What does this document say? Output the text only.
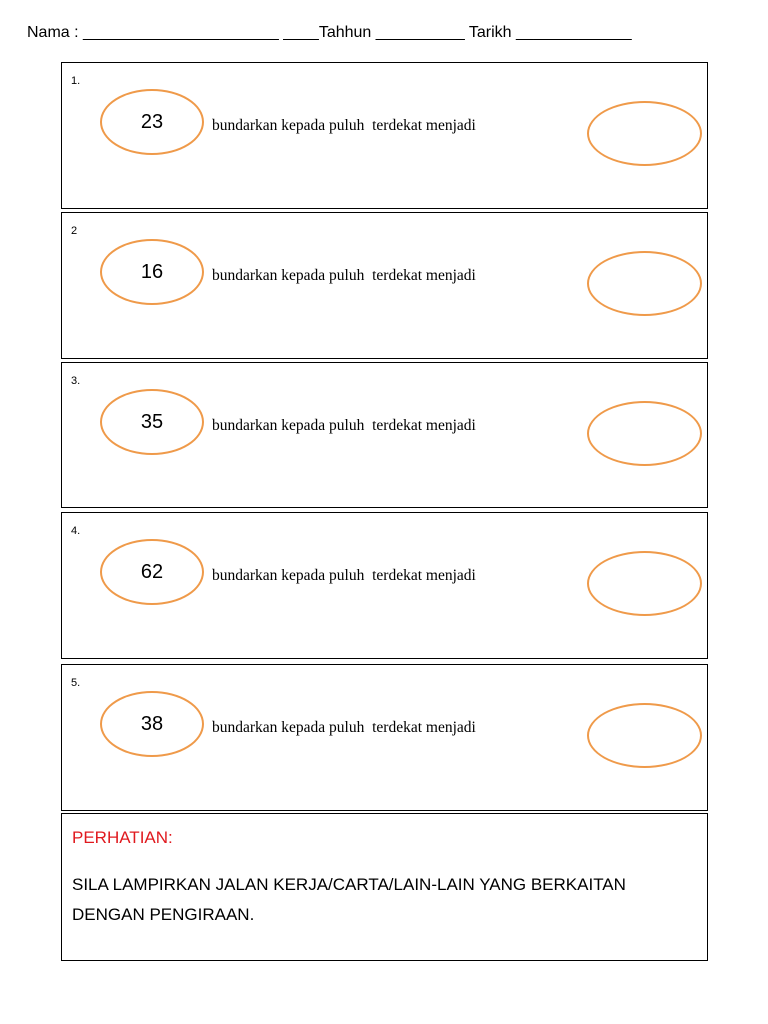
Nama : ______________________ ____Tahhun __________ Tarikh _____________
1.
23	bundarkan kepada puluh  terdekat menjadi
2
16	bundarkan kepada puluh  terdekat menjadi
3.
35	bundarkan kepada puluh  terdekat menjadi
4.
62	bundarkan kepada puluh  terdekat menjadi
5.
38	bundarkan kepada puluh  terdekat menjadi
PERHATIAN:
SILA LAMPIRKAN JALAN KERJA/CARTA/LAIN-LAIN YANG BERKAITAN DENGAN PENGIRAAN.
